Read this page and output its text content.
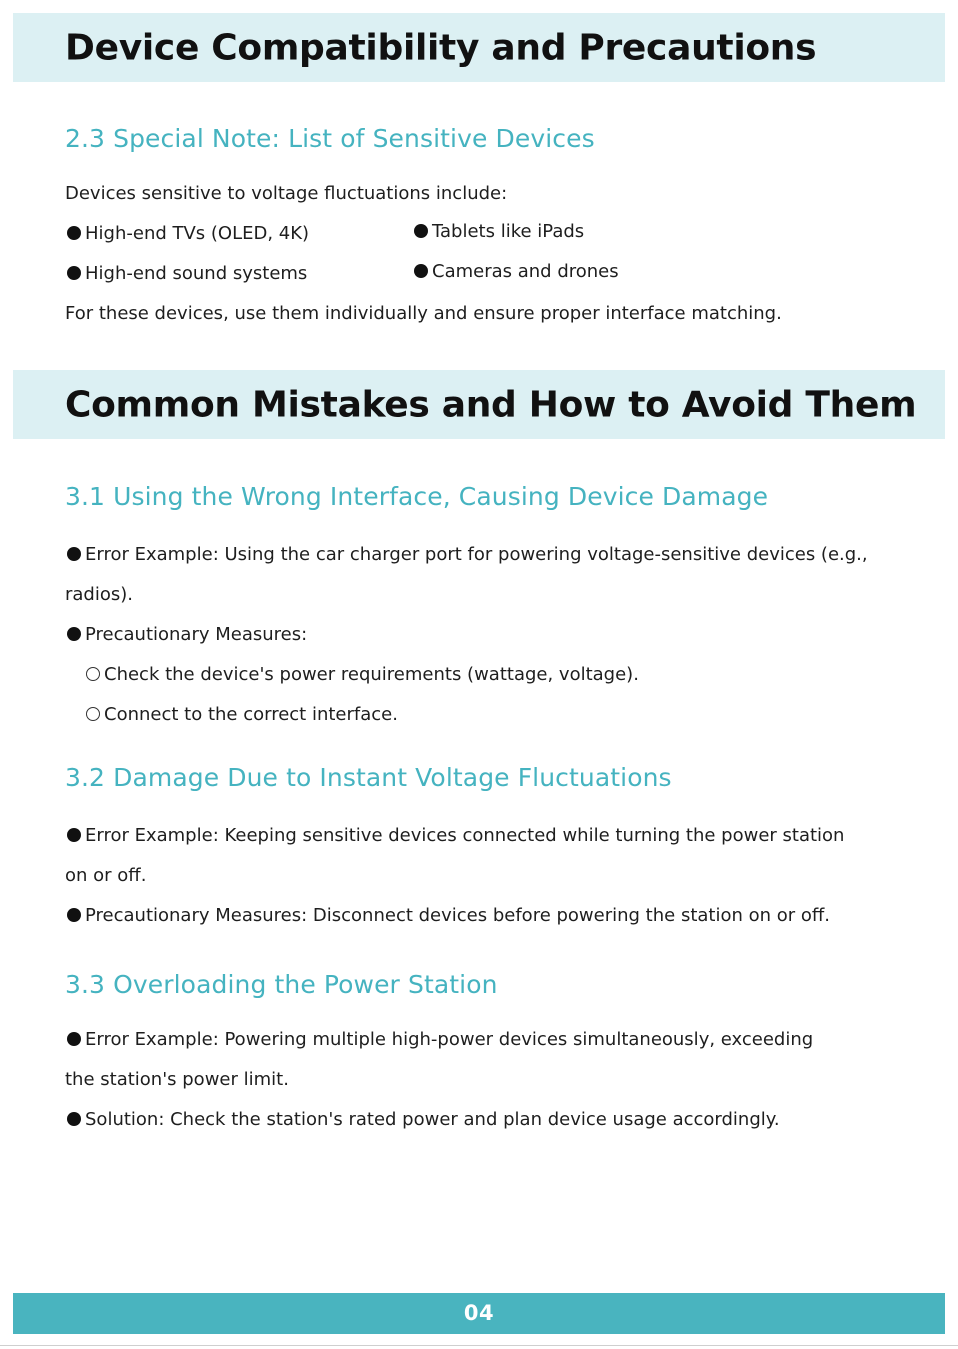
Device Compatibility and Precautions
2.3 Special Note: List of Sensitive Devices
Devices sensitive to voltage fluctuations include:
High-end TVs (OLED, 4K)	Tablets like iPads
High-end sound systems	Cameras and drones
For these devices, use them individually and ensure proper interface matching.
Common Mistakes and How to Avoid Them
3.1 Using the Wrong Interface, Causing Device Damage
Error Example: Using the car charger port for powering voltage-sensitive devices (e.g.,
radios).
Precautionary Measures:
Check the device's power requirements (wattage, voltage).
Connect to the correct interface.
3.2 Damage Due to Instant Voltage Fluctuations
Error Example: Keeping sensitive devices connected while turning the power station
on or off.
Precautionary Measures: Disconnect devices before powering the station on or off.
3.3 Overloading the Power Station
Error Example: Powering multiple high-power devices simultaneously, exceeding
the station's power limit.
Solution: Check the station's rated power and plan device usage accordingly.
04
